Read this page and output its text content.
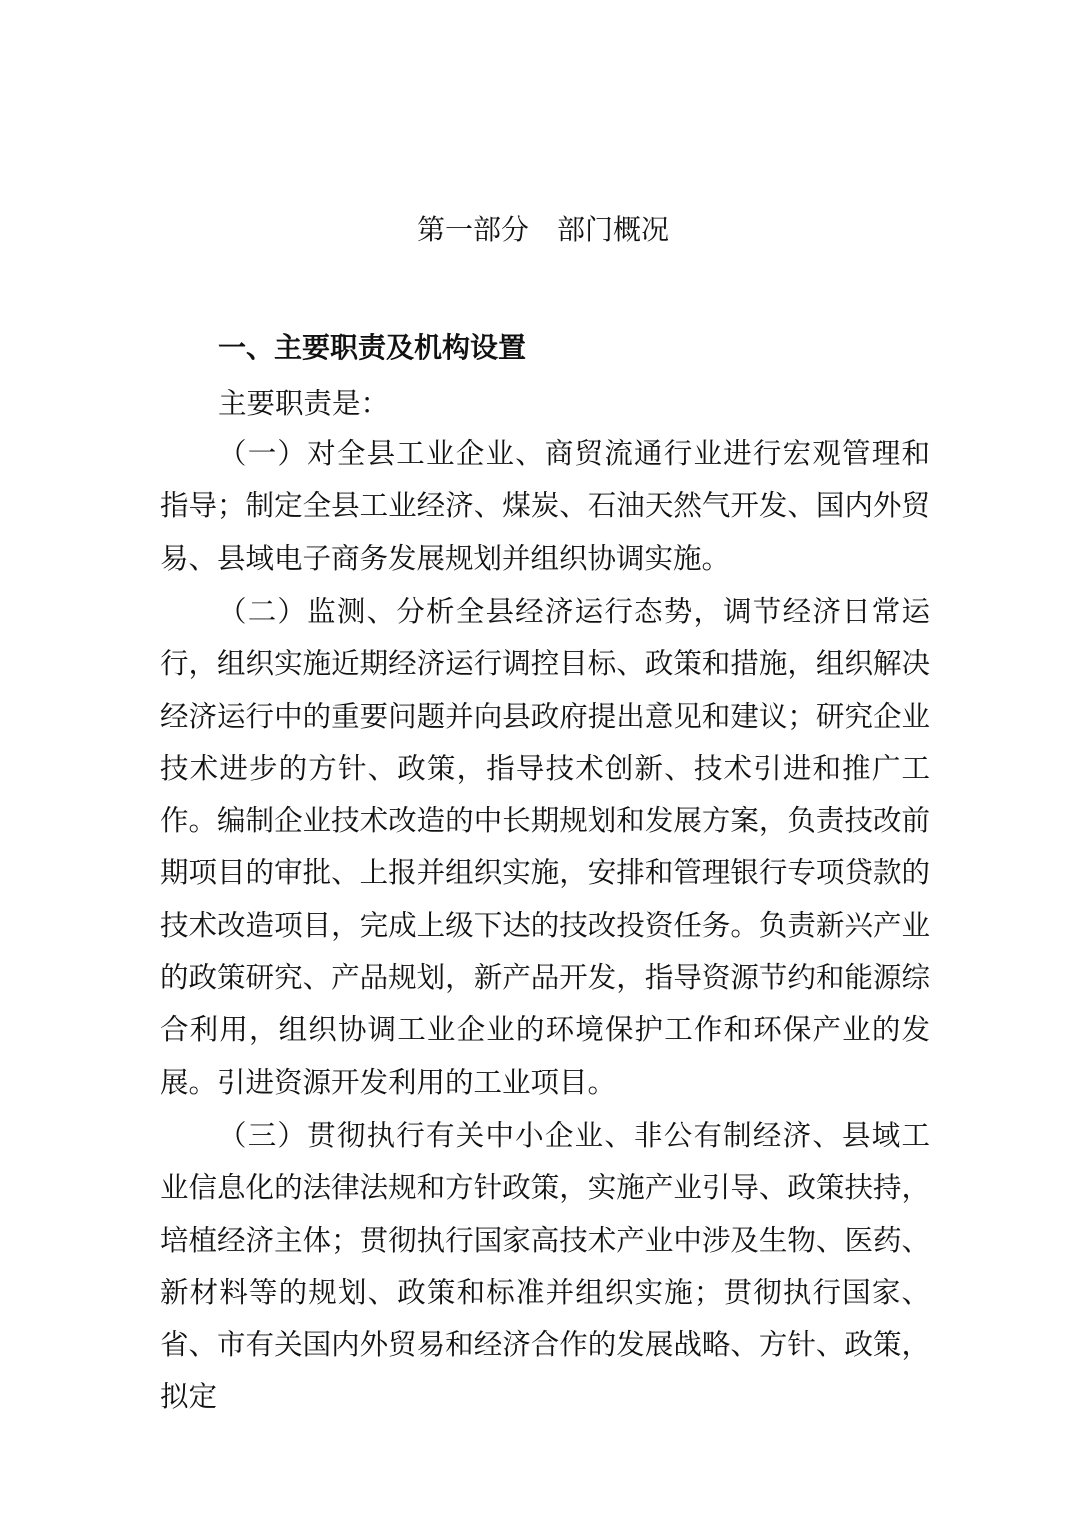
第一部分　部门概况
一、主要职责及机构设置
主要职责是：
（一）对全县工业企业、商贸流通行业进行宏观管理和指导；制定全县工业经济、煤炭、石油天然气开发、国内外贸易、县域电子商务发展规划并组织协调实施。
（二）监测、分析全县经济运行态势，调节经济日常运行，组织实施近期经济运行调控目标、政策和措施，组织解决经济运行中的重要问题并向县政府提出意见和建议；研究企业技术进步的方针、政策，指导技术创新、技术引进和推广工作。编制企业技术改造的中长期规划和发展方案，负责技改前期项目的审批、上报并组织实施，安排和管理银行专项贷款的技术改造项目，完成上级下达的技改投资任务。负责新兴产业的政策研究、产品规划，新产品开发，指导资源节约和能源综合利用，组织协调工业企业的环境保护工作和环保产业的发展。引进资源开发利用的工业项目。
（三）贯彻执行有关中小企业、非公有制经济、县域工业信息化的法律法规和方针政策，实施产业引导、政策扶持，培植经济主体；贯彻执行国家高技术产业中涉及生物、医药、新材料等的规划、政策和标准并组织实施；贯彻执行国家、省、市有关国内外贸易和经济合作的发展战略、方针、政策，拟定
